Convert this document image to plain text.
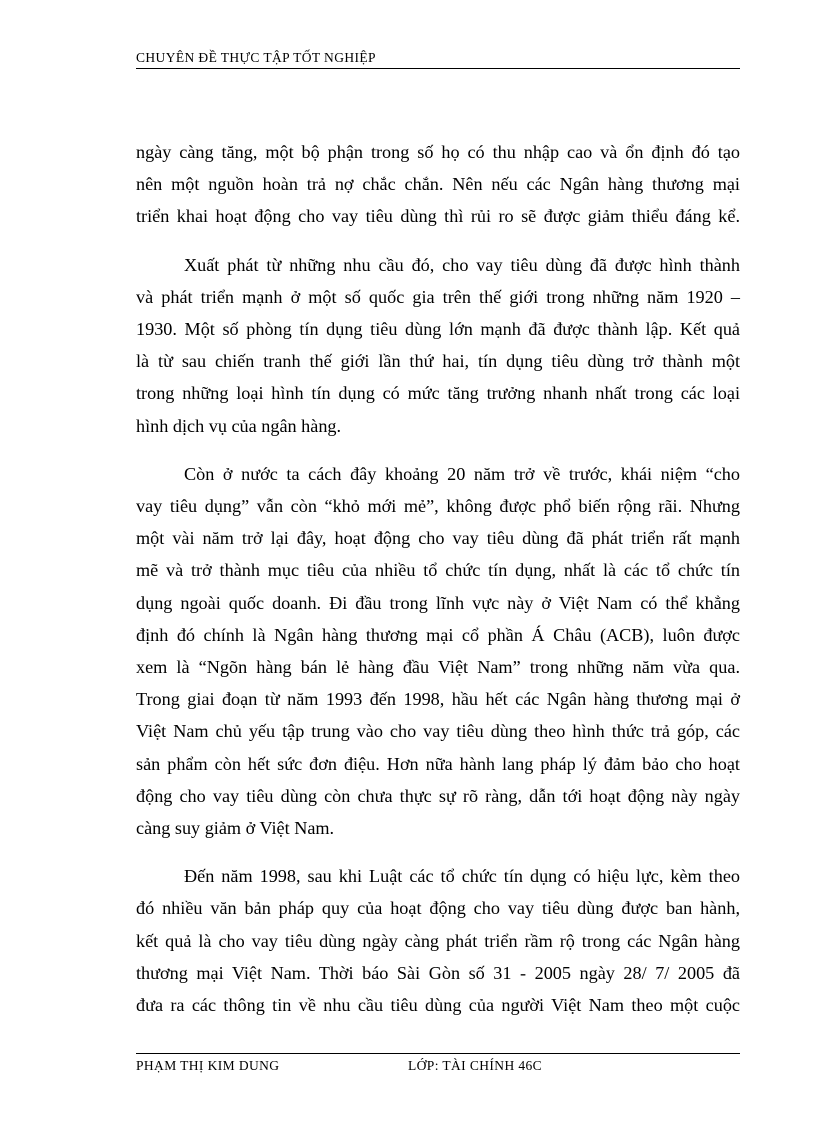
CHUYÊN ĐỀ THỰC TẬP TỐT NGHIỆP

ngày càng tăng, một bộ phận trong số họ có thu nhập cao và ổn định đó tạo
nên một nguồn hoàn trả nợ chắc chắn. Nên nếu các Ngân hàng thương mại
triển khai hoạt động cho vay tiêu dùng thì rủi ro sẽ được giảm thiểu đáng kể.

Xuất phát từ những nhu cầu đó, cho vay tiêu dùng đã được hình thành
và phát triển mạnh ở một số quốc gia trên thế giới trong những năm 1920 –
1930. Một số phòng tín dụng tiêu dùng lớn mạnh đã được thành lập. Kết quả
là từ sau chiến tranh thế giới lần thứ hai, tín dụng tiêu dùng trở thành một
trong những loại hình tín dụng có mức tăng trưởng nhanh nhất trong các loại
hình dịch vụ của ngân hàng.

Còn ở nước ta cách đây khoảng 20 năm trở về trước, khái niệm “cho
vay tiêu dụng” vẫn còn “khỏ mới mẻ”, không được phổ biến rộng rãi. Nhưng
một vài năm trở lại đây, hoạt động cho vay tiêu dùng đã phát triển rất mạnh
mẽ và trở thành mục tiêu của nhiều tổ chức tín dụng, nhất là các tổ chức tín
dụng ngoài quốc doanh. Đi đầu trong lĩnh vực này ở Việt Nam có thể khẳng
định đó chính là Ngân hàng thương mại cổ phần Á Châu (ACB), luôn được
xem là “Ngõn hàng bán lẻ hàng đầu Việt Nam” trong những năm vừa qua.
Trong giai đoạn từ năm 1993 đến 1998, hầu hết các Ngân hàng thương mại ở
Việt Nam chủ yếu tập trung vào cho vay tiêu dùng theo hình thức trả góp, các
sản phẩm còn hết sức đơn điệu. Hơn nữa hành lang pháp lý đảm bảo cho hoạt
động cho vay tiêu dùng còn chưa thực sự rõ ràng, dẫn tới hoạt động này ngày
càng suy giảm ở Việt Nam.

Đến năm 1998, sau khi Luật các tổ chức tín dụng có hiệu lực, kèm theo
đó nhiều văn bản pháp quy của hoạt động cho vay tiêu dùng được ban hành,
kết quả là cho vay tiêu dùng ngày càng phát triển rầm rộ trong các Ngân hàng
thương mại Việt Nam. Thời báo Sài Gòn số 31 - 2005 ngày 28/ 7/ 2005 đã
đưa ra các thông tin về nhu cầu tiêu dùng của người Việt Nam theo một cuộc

PHẠM THỊ KIM DUNG	LỚP: TÀI CHÍNH 46C
